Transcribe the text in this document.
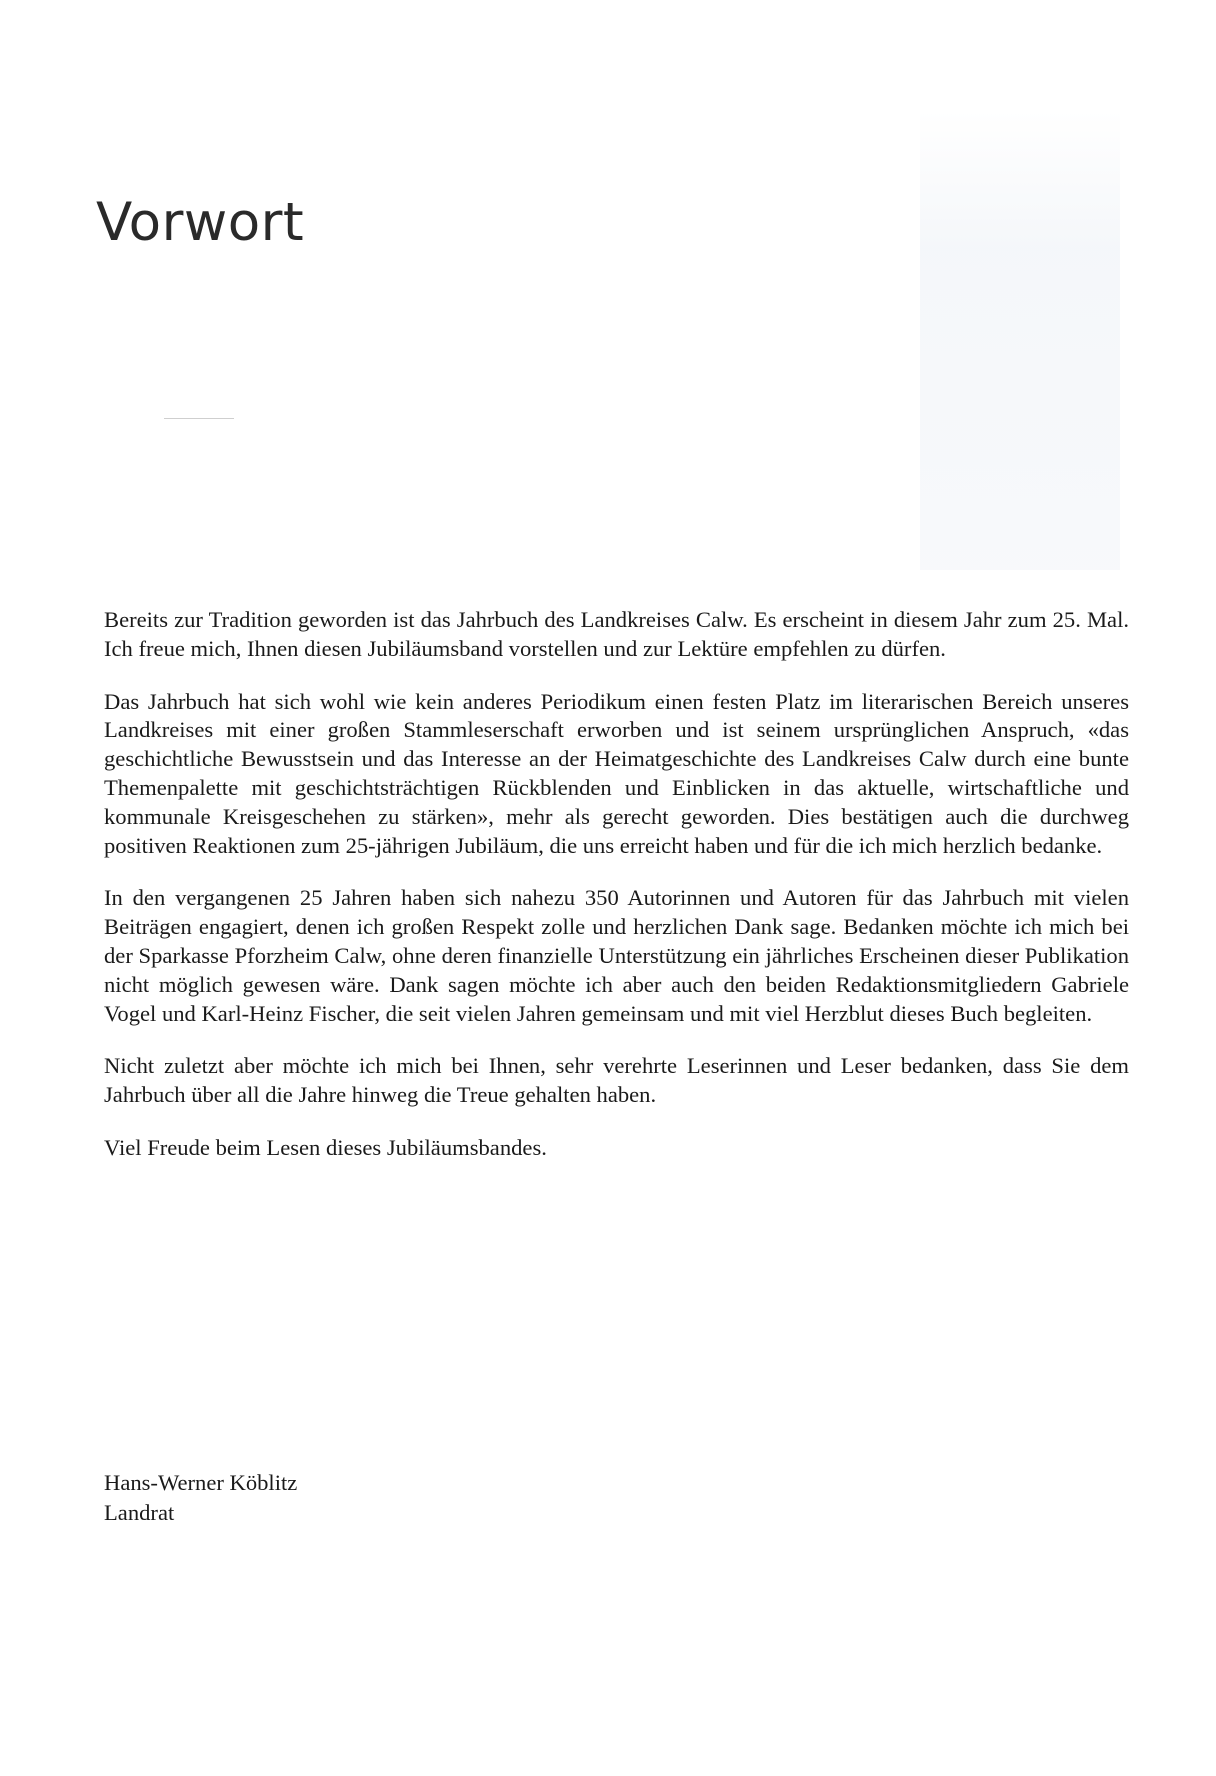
Vorwort

Bereits zur Tradition geworden ist das Jahrbuch des Landkreises Calw. Es erscheint in diesem Jahr zum 25. Mal. Ich freue mich, Ihnen diesen Jubiläumsband vorstellen und zur Lektüre empfehlen zu dürfen.

Das Jahrbuch hat sich wohl wie kein anderes Periodikum einen festen Platz im literarischen Bereich unseres Landkreises mit einer großen Stammleserschaft erworben und ist seinem ursprünglichen Anspruch, «das geschichtliche Bewusstsein und das Interesse an der Heimatgeschichte des Landkreises Calw durch eine bunte Themenpalette mit geschichtsträchtigen Rückblenden und Einblicken in das aktuelle, wirtschaftliche und kommunale Kreisgeschehen zu stärken», mehr als gerecht geworden. Dies bestätigen auch die durchweg positiven Reaktionen zum 25-jährigen Jubiläum, die uns erreicht haben und für die ich mich herzlich bedanke.

In den vergangenen 25 Jahren haben sich nahezu 350 Autorinnen und Autoren für das Jahrbuch mit vielen Beiträgen engagiert, denen ich großen Respekt zolle und herzlichen Dank sage. Bedanken möchte ich mich bei der Sparkasse Pforzheim Calw, ohne deren finanzielle Unterstützung ein jährliches Erscheinen dieser Publikation nicht möglich gewesen wäre. Dank sagen möchte ich aber auch den beiden Redaktionsmitgliedern Gabriele Vogel und Karl-Heinz Fischer, die seit vielen Jahren gemeinsam und mit viel Herzblut dieses Buch begleiten.

Nicht zuletzt aber möchte ich mich bei Ihnen, sehr verehrte Leserinnen und Leser bedanken, dass Sie dem Jahrbuch über all die Jahre hinweg die Treue gehalten haben.

Viel Freude beim Lesen dieses Jubiläumsbandes.

Hans-Werner Köblitz
Landrat
